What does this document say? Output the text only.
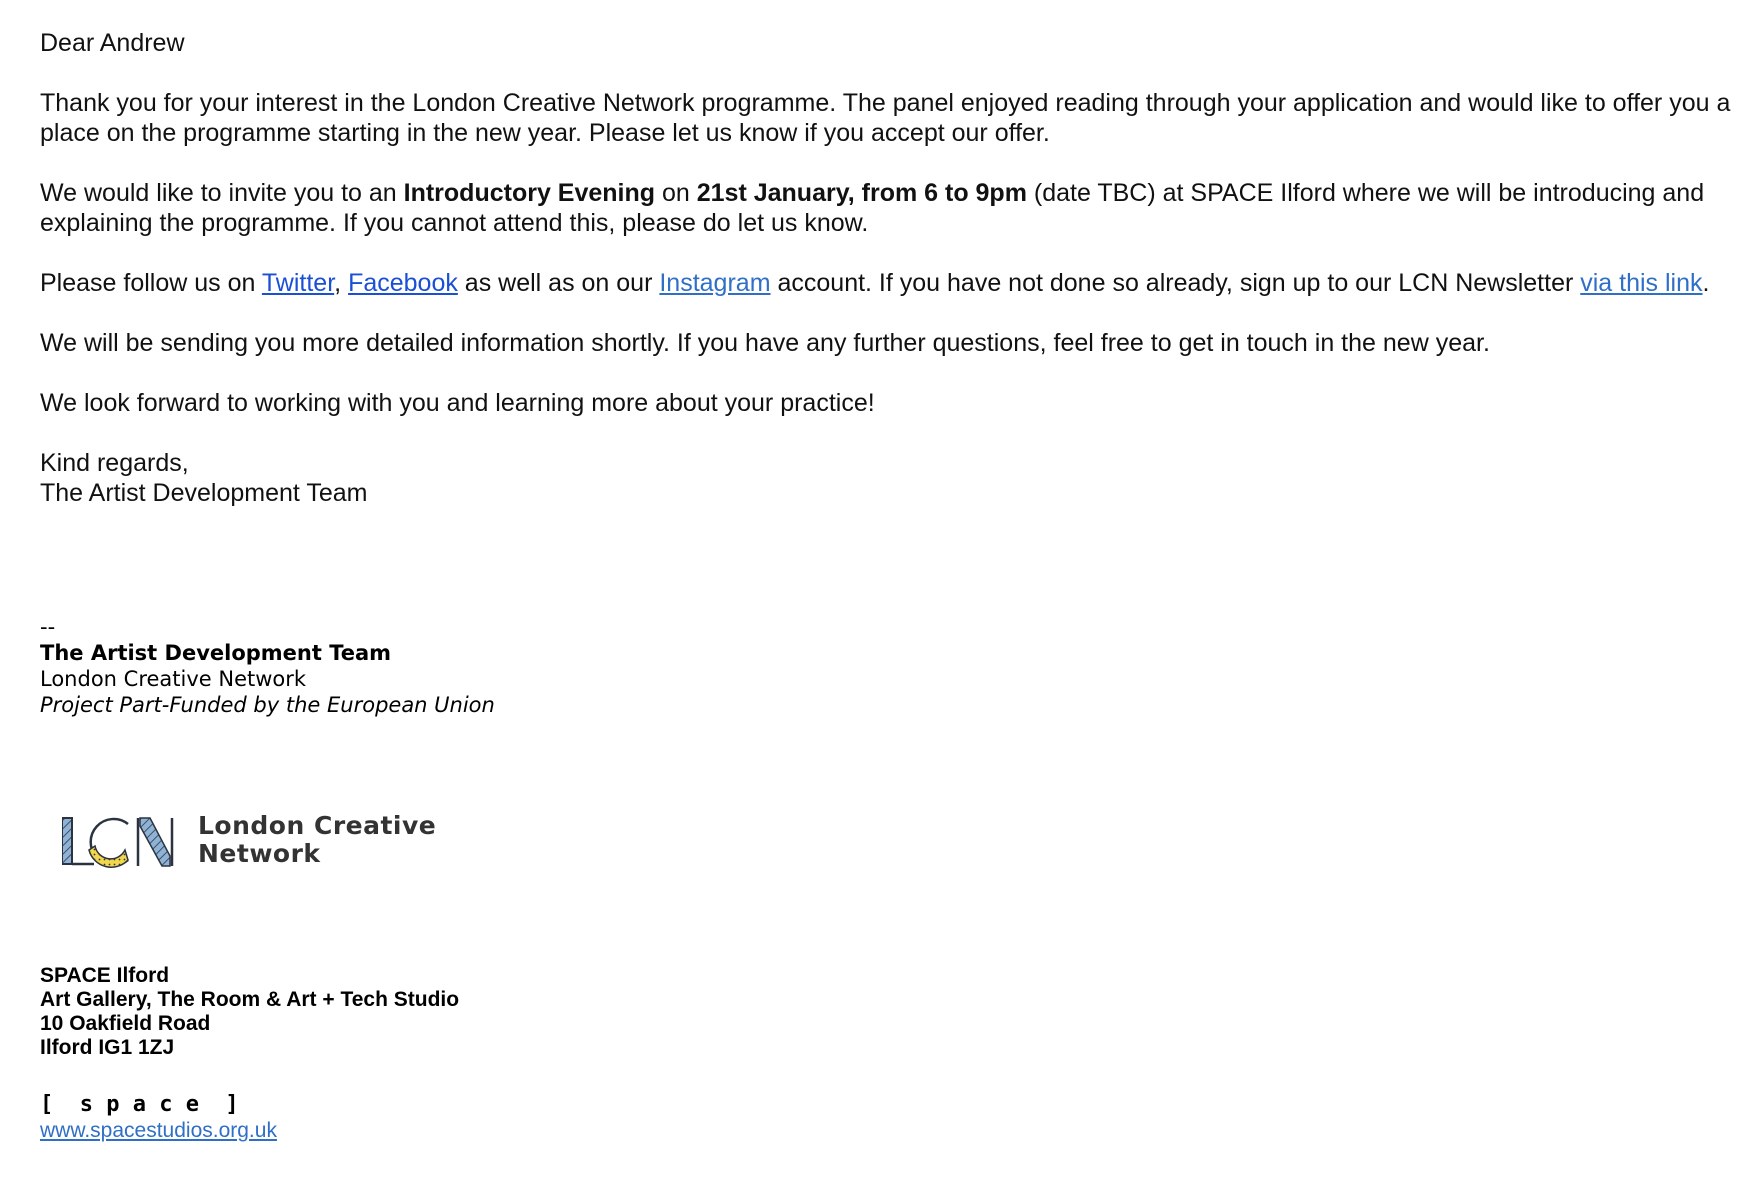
Dear Andrew

Thank you for your interest in the London Creative Network programme. The panel enjoyed reading through your application and would like to offer you a place on the programme starting in the new year. Please let us know if you accept our offer.

We would like to invite you to an Introductory Evening on 21st January, from 6 to 9pm (date TBC) at SPACE Ilford where we will be introducing and explaining the programme. If you cannot attend this, please do let us know.

Please follow us on Twitter, Facebook as well as on our Instagram account. If you have not done so already, sign up to our LCN Newsletter via this link.

We will be sending you more detailed information shortly. If you have any further questions, feel free to get in touch in the new year.

We look forward to working with you and learning more about your practice!

Kind regards,

The Artist Development Team

--
The Artist Development Team
London Creative Network
Project Part-Funded by the European Union
London Creative
Network
SPACE Ilford
Art Gallery, The Room & Art + Tech Studio
10 Oakfield Road
Ilford IG1 1ZJ
[  s p a c e  ]
www.spacestudios.org.uk
